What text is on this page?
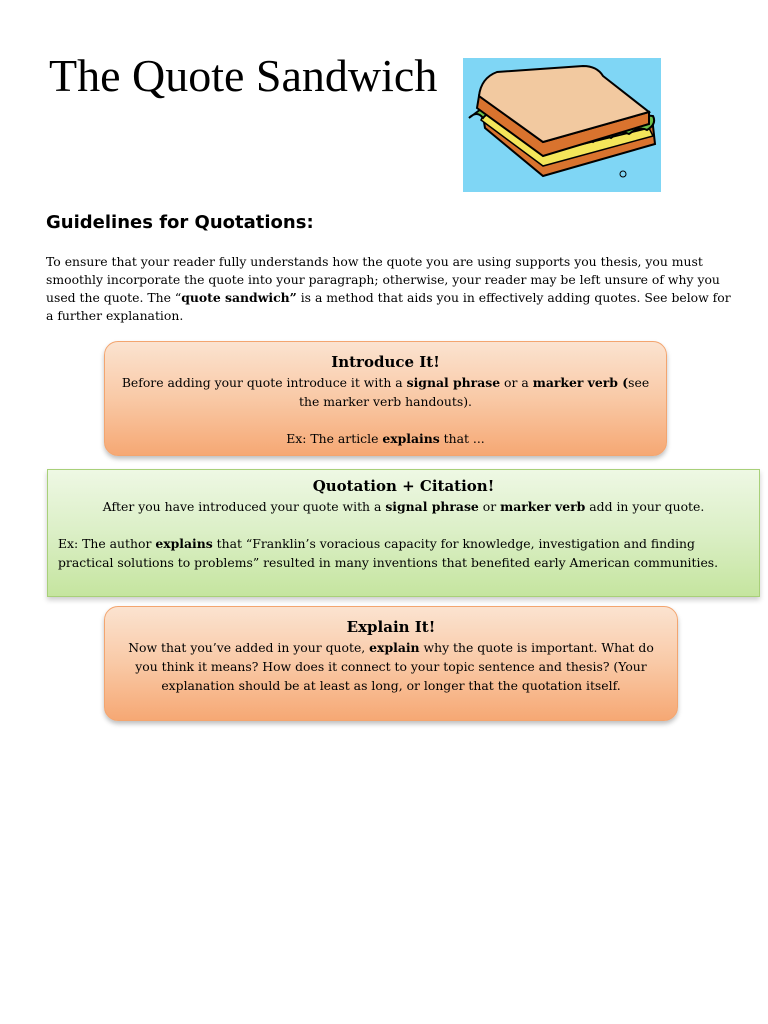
The Quote Sandwich
Guidelines for Quotations:
To ensure that your reader fully understands how the quote you are using supports you thesis, you must smoothly incorporate the quote into your paragraph; otherwise, your reader may be left unsure of why you used the quote. The “quote sandwich” is a method that aids you in effectively adding quotes. See below for a further explanation.
Introduce It!
Before adding your quote introduce it with a signal phrase or a marker verb (see the marker verb handouts).
Ex: The article explains that ...
Quotation + Citation!
After you have introduced your quote with a signal phrase or marker verb add in your quote.
Ex: The author explains that “Franklin’s voracious capacity for knowledge, investigation and finding practical solutions to problems” resulted in many inventions that benefited early American communities.
Explain It!
Now that you’ve added in your quote, explain why the quote is important. What do you think it means? How does it connect to your topic sentence and thesis? (Your explanation should be at least as long, or longer that the quotation itself.
